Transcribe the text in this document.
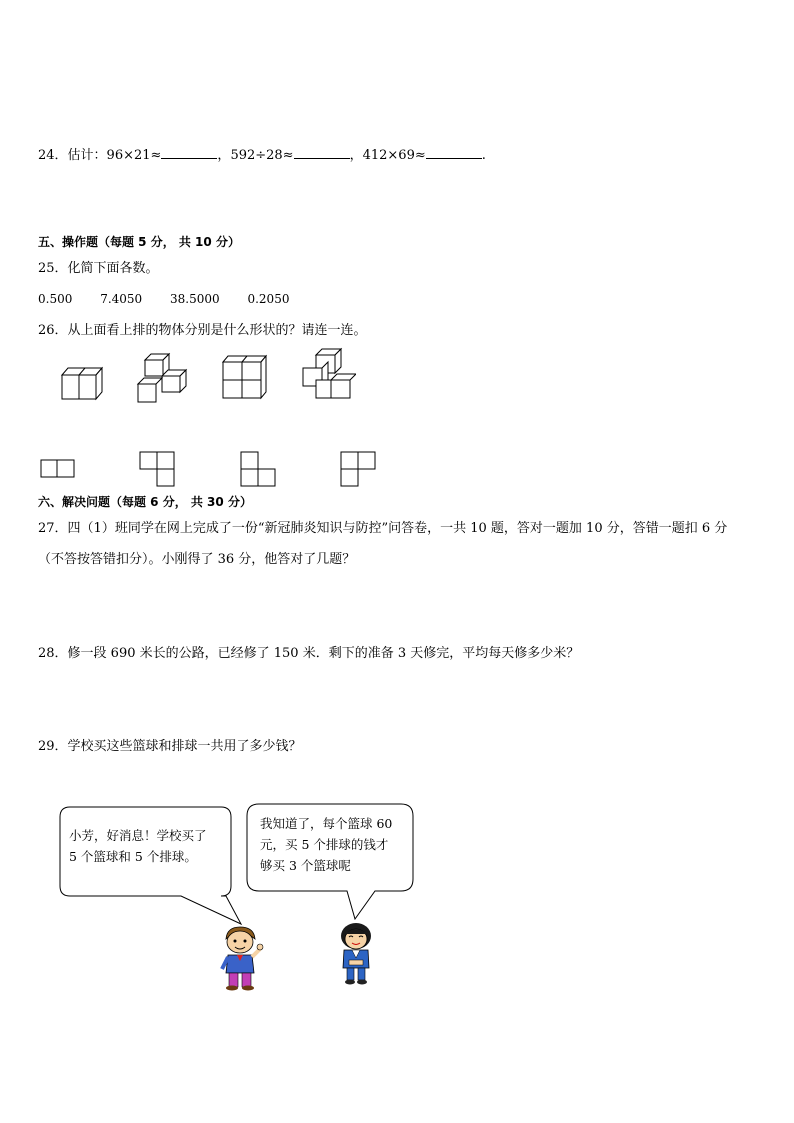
24．估计：96×21≈	，592÷28≈	，412×69≈	.
五、操作题（每题 5 分， 共 10 分）
25．化简下面各数。
0.500 7.4050 38.5000 0.2050
26．从上面看上排的物体分别是什么形状的？请连一连。
六、解决问题（每题 6 分， 共 30 分）
27．四（1）班同学在网上完成了一份“新冠肺炎知识与防控”问答卷，一共 10 题，答对一题加 10 分，答错一题扣 6 分
（不答按答错扣分）。小刚得了 36 分，他答对了几题？
28．修一段 690 米长的公路，已经修了 150 米．剩下的准备 3 天修完，平均每天修多少米？
29．学校买这些篮球和排球一共用了多少钱？
小芳，好消息！学校买了
5 个篮球和 5 个排球。
我知道了，每个篮球 60
元，买 5 个排球的钱才
够买 3 个篮球呢
